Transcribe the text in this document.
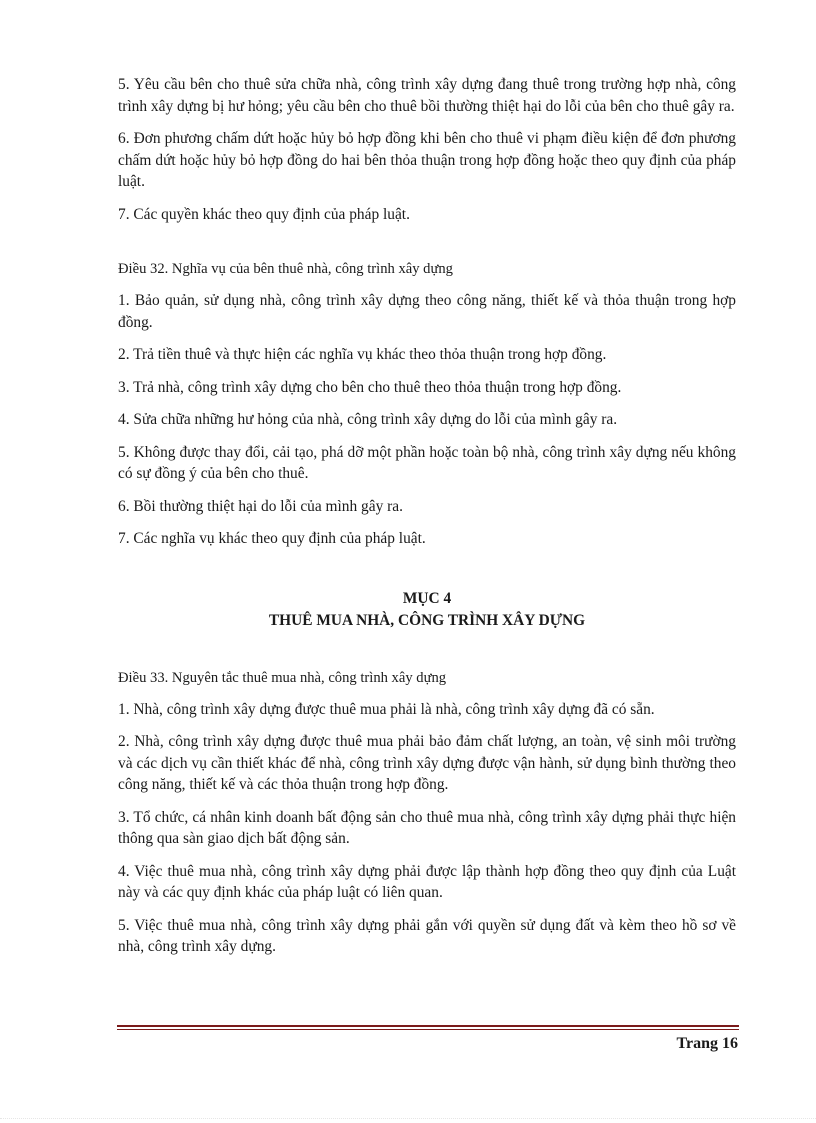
5. Yêu cầu bên cho thuê sửa chữa nhà, công trình xây dựng đang thuê trong trường hợp nhà, công trình xây dựng bị hư hỏng; yêu cầu bên cho thuê bồi thường thiệt hại do lỗi của bên cho thuê gây ra.

6. Đơn phương chấm dứt hoặc hủy bỏ hợp đồng khi bên cho thuê vi phạm điều kiện để đơn phương chấm dứt hoặc hủy bỏ hợp đồng do hai bên thỏa thuận trong hợp đồng hoặc theo quy định của pháp luật.

7. Các quyền khác theo quy định của pháp luật.

Điều 32. Nghĩa vụ của bên thuê nhà, công trình xây dựng

1. Bảo quản, sử dụng nhà, công trình xây dựng theo công năng, thiết kế và thỏa thuận trong hợp đồng.

2. Trả tiền thuê và thực hiện các nghĩa vụ khác theo thỏa thuận trong hợp đồng.

3. Trả nhà, công trình xây dựng cho bên cho thuê theo thỏa thuận trong hợp đồng.

4. Sửa chữa những hư hỏng của nhà, công trình xây dựng do lỗi của mình gây ra.

5. Không được thay đổi, cải tạo, phá dỡ một phần hoặc toàn bộ nhà, công trình xây dựng nếu không có sự đồng ý của bên cho thuê.

6. Bồi thường thiệt hại do lỗi của mình gây ra.

7. Các nghĩa vụ khác theo quy định của pháp luật.

MỤC 4

THUÊ MUA NHÀ, CÔNG TRÌNH XÂY DỰNG

Điều 33. Nguyên tắc thuê mua nhà, công trình xây dựng

1. Nhà, công trình xây dựng được thuê mua phải là nhà, công trình xây dựng đã có sẵn.

2. Nhà, công trình xây dựng được thuê mua phải bảo đảm chất lượng, an toàn, vệ sinh môi trường và các dịch vụ cần thiết khác để nhà, công trình xây dựng được vận hành, sử dụng bình thường theo công năng, thiết kế và các thỏa thuận trong hợp đồng.

3. Tổ chức, cá nhân kinh doanh bất động sản cho thuê mua nhà, công trình xây dựng phải thực hiện thông qua sàn giao dịch bất động sản.

4. Việc thuê mua nhà, công trình xây dựng phải được lập thành hợp đồng theo quy định của Luật này và các quy định khác của pháp luật có liên quan.

5. Việc thuê mua nhà, công trình xây dựng phải gắn với quyền sử dụng đất và kèm theo hồ sơ về nhà, công trình xây dựng.

Trang 16
